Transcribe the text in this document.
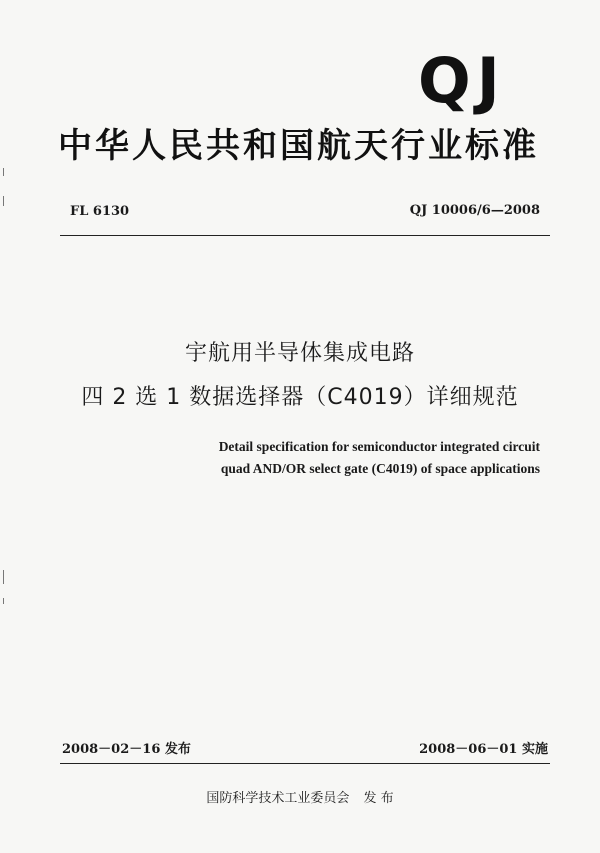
QJ
中华人民共和国航天行业标准
FL 6130	QJ 10006/6—2008
宇航用半导体集成电路
四 2 选 1 数据选择器（C4019）详细规范
Detail specification for semiconductor integrated circuit
quad AND/OR select gate (C4019) of space applications
2008－02－16 发布	2008－06－01 实施
国防科学技术工业委员会 发 布
